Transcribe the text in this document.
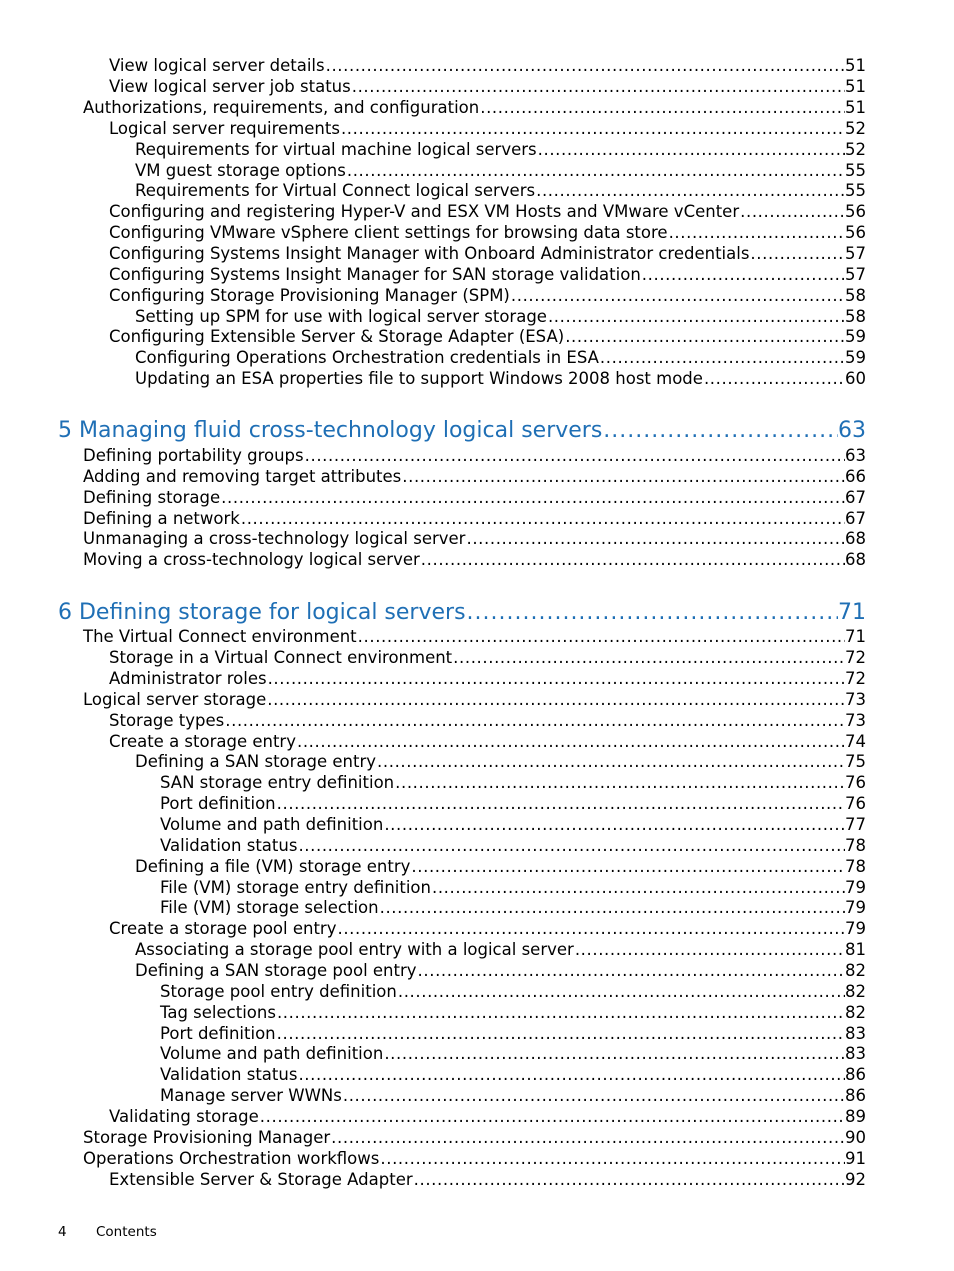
View logical server details .....	51
View logical server job status .....	51
Authorizations, requirements, and configuration .....	51
Logical server requirements .....	52
Requirements for virtual machine logical servers .....	52
VM guest storage options .....	55
Requirements for Virtual Connect logical servers .....	55
Configuring and registering Hyper-V and ESX VM Hosts and VMware vCenter .....	56
Configuring VMware vSphere client settings for browsing data store .....	56
Configuring Systems Insight Manager with Onboard Administrator credentials .....	57
Configuring Systems Insight Manager for SAN storage validation .....	57
Configuring Storage Provisioning Manager (SPM) .....	58
Setting up SPM for use with logical server storage .....	58
Configuring Extensible Server & Storage Adapter (ESA) .....	59
Configuring Operations Orchestration credentials in ESA .....	59
Updating an ESA properties file to support Windows 2008 host mode .....	60
5 Managing fluid cross-technology logical servers .....	63
Defining portability groups .....	63
Adding and removing target attributes .....	66
Defining storage .....	67
Defining a network .....	67
Unmanaging a cross-technology logical server .....	68
Moving a cross-technology logical server .....	68
6 Defining storage for logical servers .....	71
The Virtual Connect environment .....	71
Storage in a Virtual Connect environment .....	72
Administrator roles .....	72
Logical server storage .....	73
Storage types .....	73
Create a storage entry .....	74
Defining a SAN storage entry .....	75
SAN storage entry definition .....	76
Port definition .....	76
Volume and path definition .....	77
Validation status .....	78
Defining a file (VM) storage entry .....	78
File (VM) storage entry definition .....	79
File (VM) storage selection .....	79
Create a storage pool entry .....	79
Associating a storage pool entry with a logical server .....	81
Defining a SAN storage pool entry .....	82
Storage pool entry definition .....	82
Tag selections .....	82
Port definition .....	83
Volume and path definition .....	83
Validation status .....	86
Manage server WWNs .....	86
Validating storage .....	89
Storage Provisioning Manager .....	90
Operations Orchestration workflows .....	91
Extensible Server & Storage Adapter .....	92
4 Contents
